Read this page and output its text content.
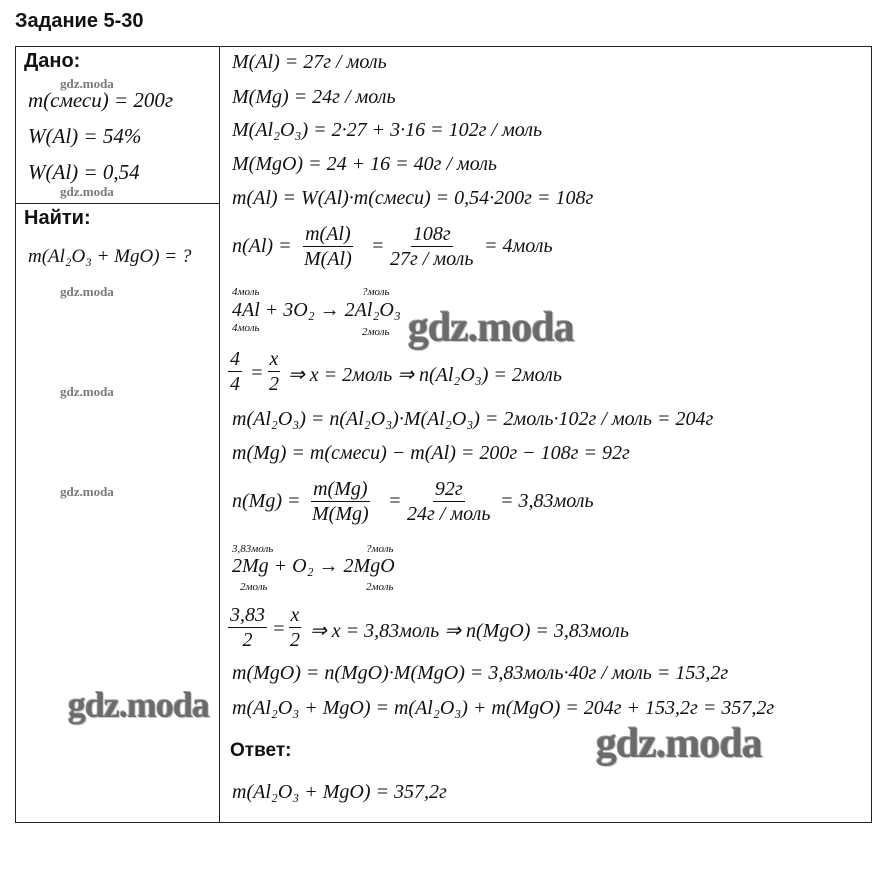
Задание 5-30
Дано:
m(смеси) = 200г
W(Al) = 54%
W(Al) = 0,54
Найти:
m(Al₂O₃ + MgO) = ?
gdz.moda
gdz.moda
gdz.moda
gdz.moda
gdz.moda
M(Al) = 27г / моль
M(Mg) = 24г / моль
M(Al₂O₃) = 2·27 + 3·16 = 102г / моль
M(MgO) = 24 + 16 = 40г / моль
m(Al) = W(Al)·m(смеси) = 0,54·200г = 108г
$n(Al) = \frac{m(Al)}{M(Al)}$ =
108г
27г / моль
= 4моль
4моль	?моль
4Al + 3O₂ → 2Al₂O₃
4моль	2моль
$\frac{4}{4} = \frac{x}{2}$ ⇒ x = 2моль ⇒ n(Al₂O₃) = 2моль
m(Al₂O₃) = n(Al₂O₃)·M(Al₂O₃) = 2моль·102г / моль = 204г
m(Mg) = m(смеси) − m(Al) = 200г − 108г = 92г
$n(Mg) = \frac{m(Mg)}{M(Mg)}$ =
92г
24г / моль
= 3,83моль
3,83моль	?моль
2Mg + O₂ → 2MgO
2моль	2моль
$\frac{3,83}{2} = \frac{x}{2}$ ⇒ x = 3,83моль ⇒ n(MgO) = 3,83моль
m(MgO) = n(MgO)·M(MgO) = 3,83моль·40г / моль = 153,2г
m(Al₂O₃ + MgO) = m(Al₂O₃) + m(MgO) = 204г + 153,2г = 357,2г
Ответ:
m(Al₂O₃ + MgO) = 357,2г
gdz.moda
gdz.moda
gdz.moda
